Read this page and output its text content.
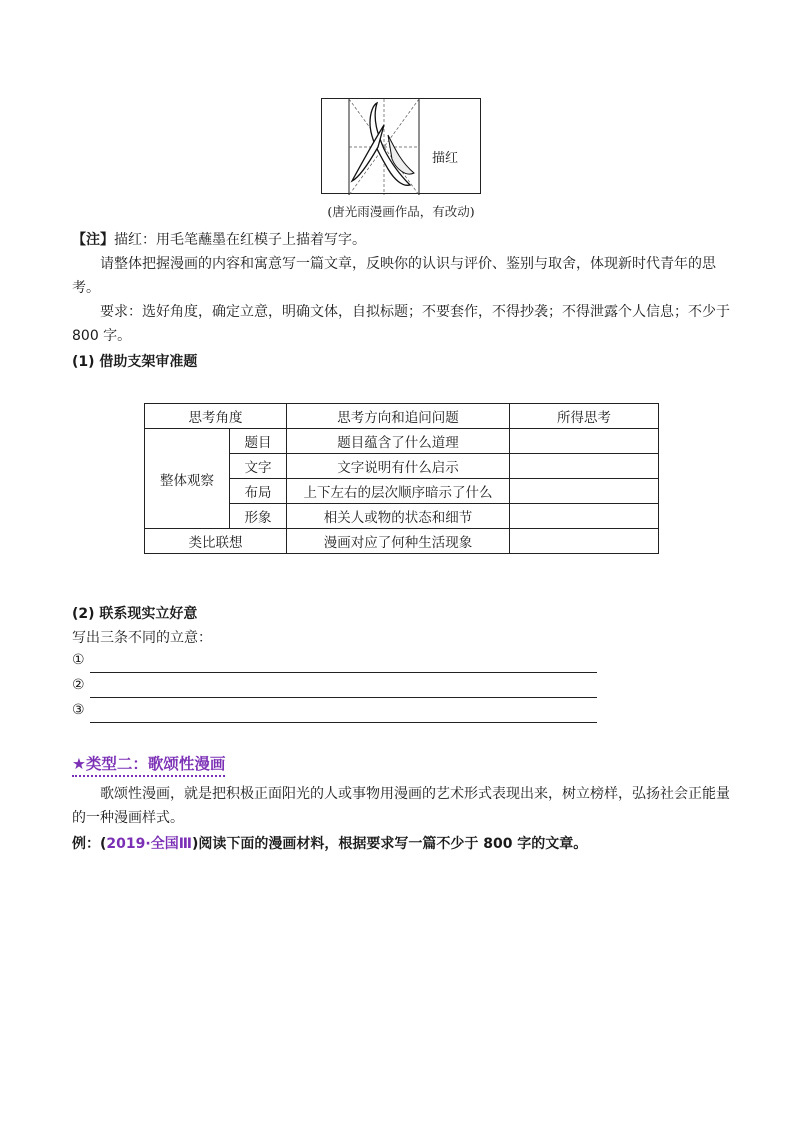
描红
(唐光雨漫画作品，有改动)
【注】描红：用毛笔蘸墨在红模子上描着写字。
请整体把握漫画的内容和寓意写一篇文章，反映你的认识与评价、鉴别与取舍，体现新时代青年的思考。
要求：选好角度，确定立意，明确文体，自拟标题；不要套作，不得抄袭；不得泄露个人信息；不少于 800 字。
(1) 借助支架审准题
思考角度		思考方向和追问问题	所得思考
整体观察	题目	题目蕴含了什么道理	
	文字	文字说明有什么启示	
	布局	上下左右的层次顺序暗示了什么	
	形象	相关人或物的状态和细节	
类比联想		漫画对应了何种生活现象	
(2) 联系现实立好意
写出三条不同的立意：
①
②
③
★类型二：歌颂性漫画
歌颂性漫画，就是把积极正面阳光的人或事物用漫画的艺术形式表现出来，树立榜样，弘扬社会正能量的一种漫画样式。
例：(2019·全国Ⅲ)阅读下面的漫画材料，根据要求写一篇不少于 800 字的文章。
